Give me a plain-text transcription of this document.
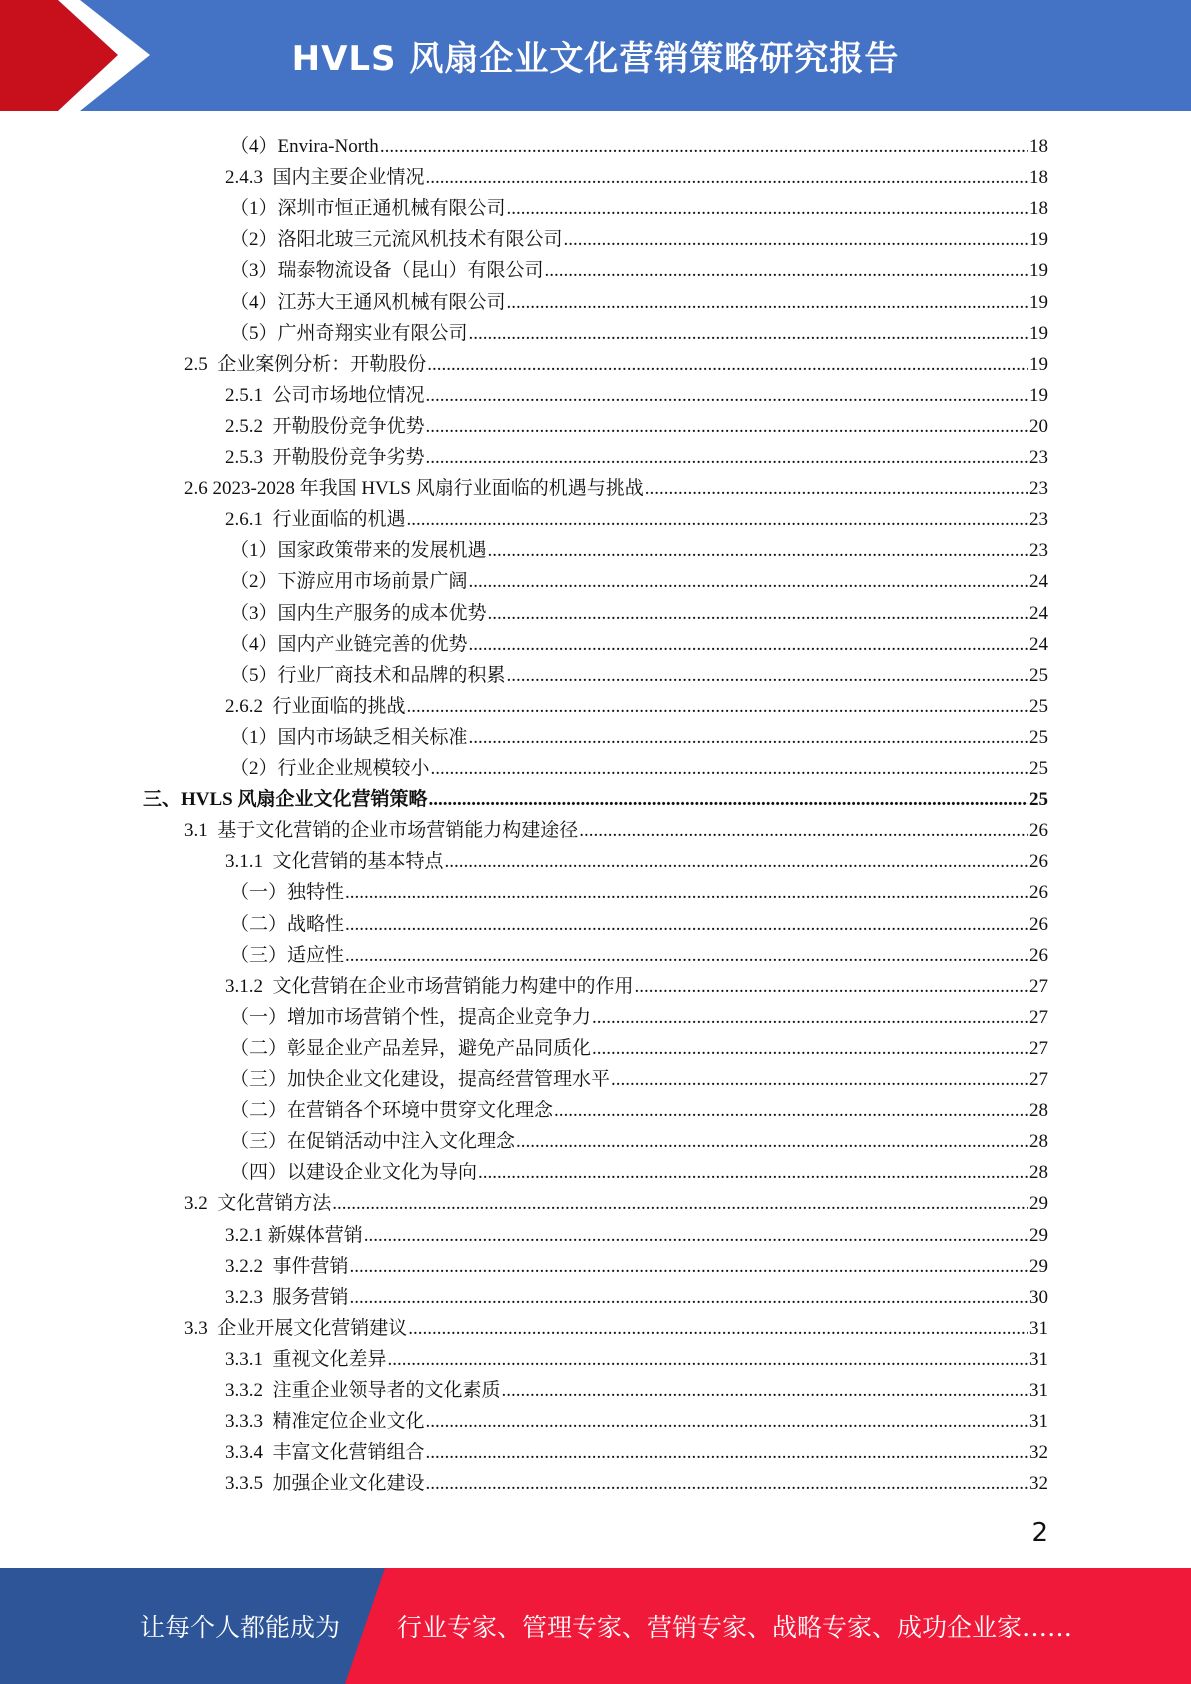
HVLS 风扇企业文化营销策略研究报告
（4）Envira-North .....	18
2.4.3  国内主要企业情况 .....	18
（1）深圳市恒正通机械有限公司 .....	18
（2）洛阳北玻三元流风机技术有限公司 .....	19
（3）瑞泰物流设备（昆山）有限公司 .....	19
（4）江苏大王通风机械有限公司 .....	19
（5）广州奇翔实业有限公司 .....	19
2.5  企业案例分析：开勒股份 .....	19
2.5.1  公司市场地位情况 .....	19
2.5.2  开勒股份竞争优势 .....	20
2.5.3  开勒股份竞争劣势 .....	23
2.6 2023-2028 年我国 HVLS 风扇行业面临的机遇与挑战 .....	23
2.6.1  行业面临的机遇 .....	23
（1）国家政策带来的发展机遇 .....	23
（2）下游应用市场前景广阔 .....	24
（3）国内生产服务的成本优势 .....	24
（4）国内产业链完善的优势 .....	24
（5）行业厂商技术和品牌的积累 .....	25
2.6.2  行业面临的挑战 .....	25
（1）国内市场缺乏相关标准 .....	25
（2）行业企业规模较小 .....	25
三、HVLS 风扇企业文化营销策略 .....	25
3.1  基于文化营销的企业市场营销能力构建途径 .....	26
3.1.1  文化营销的基本特点 .....	26
（一）独特性 .....	26
（二）战略性 .....	26
（三）适应性 .....	26
3.1.2  文化营销在企业市场营销能力构建中的作用 .....	27
（一）增加市场营销个性，提高企业竞争力 .....	27
（二）彰显企业产品差异，避免产品同质化 .....	27
（三）加快企业文化建设，提高经营管理水平 .....	27
（二）在营销各个环境中贯穿文化理念 .....	28
（三）在促销活动中注入文化理念 .....	28
（四）以建设企业文化为导向 .....	28
3.2  文化营销方法 .....	29
3.2.1 新媒体营销 .....	29
3.2.2  事件营销 .....	29
3.2.3  服务营销 .....	30
3.3  企业开展文化营销建议 .....	31
3.3.1  重视文化差异 .....	31
3.3.2  注重企业领导者的文化素质 .....	31
3.3.3  精准定位企业文化 .....	31
3.3.4  丰富文化营销组合 .....	32
3.3.5  加强企业文化建设 .....	32
2
让每个人都能成为 行业专家、管理专家、营销专家、战略专家、成功企业家……
